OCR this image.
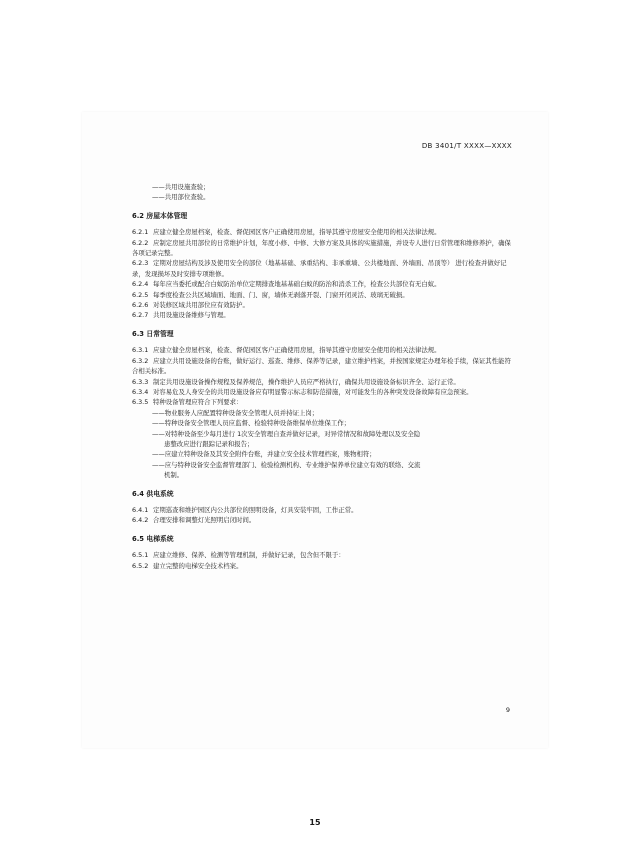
DB 3401/T XXXX—XXXX
——共用设施查验；
——共用部位查验。
6.2 房屋本体管理
6.2.1 应建立健全房屋档案，检查、督促园区客户正确使用房屋，指导其遵守房屋安全使用的相关法律法规。
6.2.2 应制定房屋共用部位的日常维护计划，年度小修、中修、大修方案及具体的实施措施，并设专人进行日常管理和维修养护，确保各项记录完整。
6.2.3 定期对房屋结构及涉及使用安全的部位（地基基础、承重结构、非承重墙、公共楼地面、外墙面、吊顶等） 进行检查并做好记录，发现损坏及时安排专项维修。
6.2.4 每年应当委托或配合白蚁防治单位定期排查地基基础白蚁的防治和消杀工作，检查公共部位有无白蚁。
6.2.5 每季度检查公共区域墙面、地面、门、窗，墙体无剥落开裂、门窗开闭灵活、玻璃无破损。
6.2.6 对装修区域共用部位应有效防护。
6.2.7 共用设施设备维修与管理。
6.3 日常管理
6.3.1 应建立健全房屋档案，检查、督促园区客户正确使用房屋，指导其遵守房屋安全使用的相关法律法规。
6.3.2 应建立共用设施设备的台账，做好运行、巡查、维修、保养等记录，建立维护档案，并按国家规定办理年检手续，保证其性能符合相关标准。
6.3.3 制定共用设施设备操作规程及保养规范，操作维护人员应严格执行，确保共用设施设备标识齐全、运行正常。
6.3.4 对容易危及人身安全的共用设施设备应有明显警示标志和防范措施，对可能发生的各种突发设备故障有应急预案。
6.3.5 特种设备管理应符合下列要求：
——物业服务人应配置特种设备安全管理人员并持证上岗；
——特种设备安全管理人员应监督、检验特种设备维保单位维保工作；
——对特种设备至少每月进行 1次安全管理自查并做好记录，对异常情况和故障处理以及安全隐
患整改应进行跟踪记录和报告；
——应建立特种设备及其安全附件台账，并建立安全技术管理档案，账物相符；
——应与特种设备安全监督管理部门、检验检测机构、专业维护保养单位建立有效的联络、交流
机制。
6.4 供电系统
6.4.1 定期巡查和维护园区内公共部位的照明设备，灯具安装牢固，工作正常。
6.4.2 合理安排和调整灯光照明启闭时间。
6.5 电梯系统
6.5.1 应建立维修、保养、检测等管理机制，并做好记录，包含但不限于：
6.5.2 建立完整的电梯安全技术档案。
9
15
